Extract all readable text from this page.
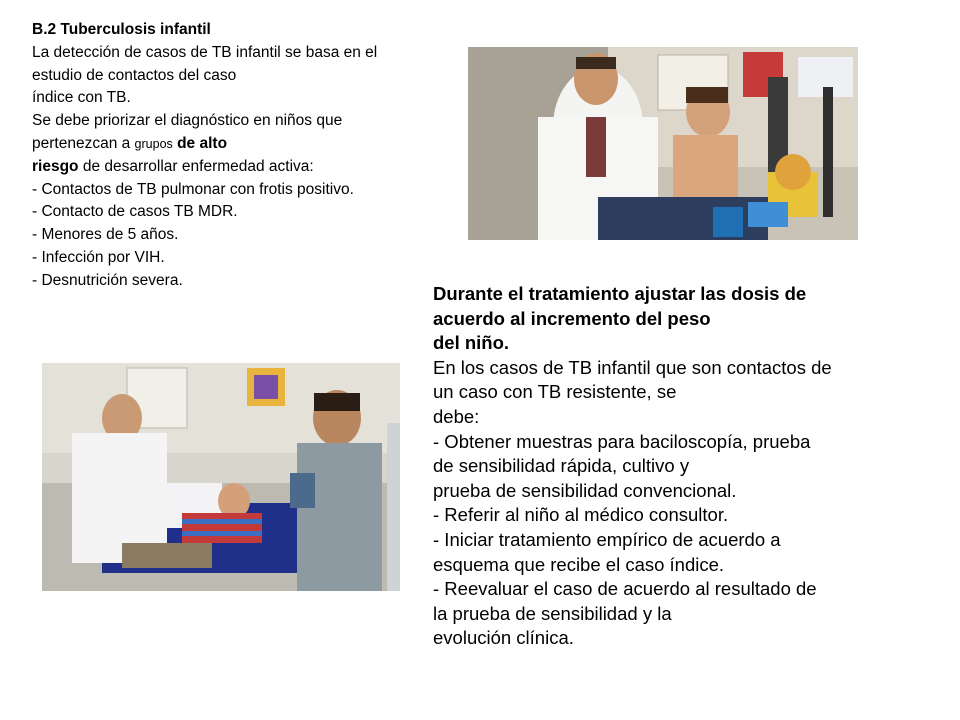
B.2 Tuberculosis infantil
La detección de casos de TB infantil se basa en el
estudio de contactos del caso
índice con TB.
Se debe priorizar el diagnóstico en niños que
pertenezcan a grupos de alto
riesgo de desarrollar enfermedad activa:
- Contactos de TB pulmonar con frotis positivo.
- Contacto de casos TB MDR.
- Menores de 5 años.
- Infección por VIH.
- Desnutrición severa.
Durante el tratamiento ajustar las dosis de
acuerdo al incremento del peso
del niño.
En los casos de TB infantil que son contactos de
un caso con TB resistente, se
debe:
- Obtener muestras para baciloscopía, prueba
de sensibilidad rápida, cultivo y
prueba de sensibilidad convencional.
- Referir al niño al médico consultor.
- Iniciar tratamiento empírico de acuerdo a
esquema que recibe el caso índice.
- Reevaluar el caso de acuerdo al resultado de
la prueba de sensibilidad y la
evolución clínica.
